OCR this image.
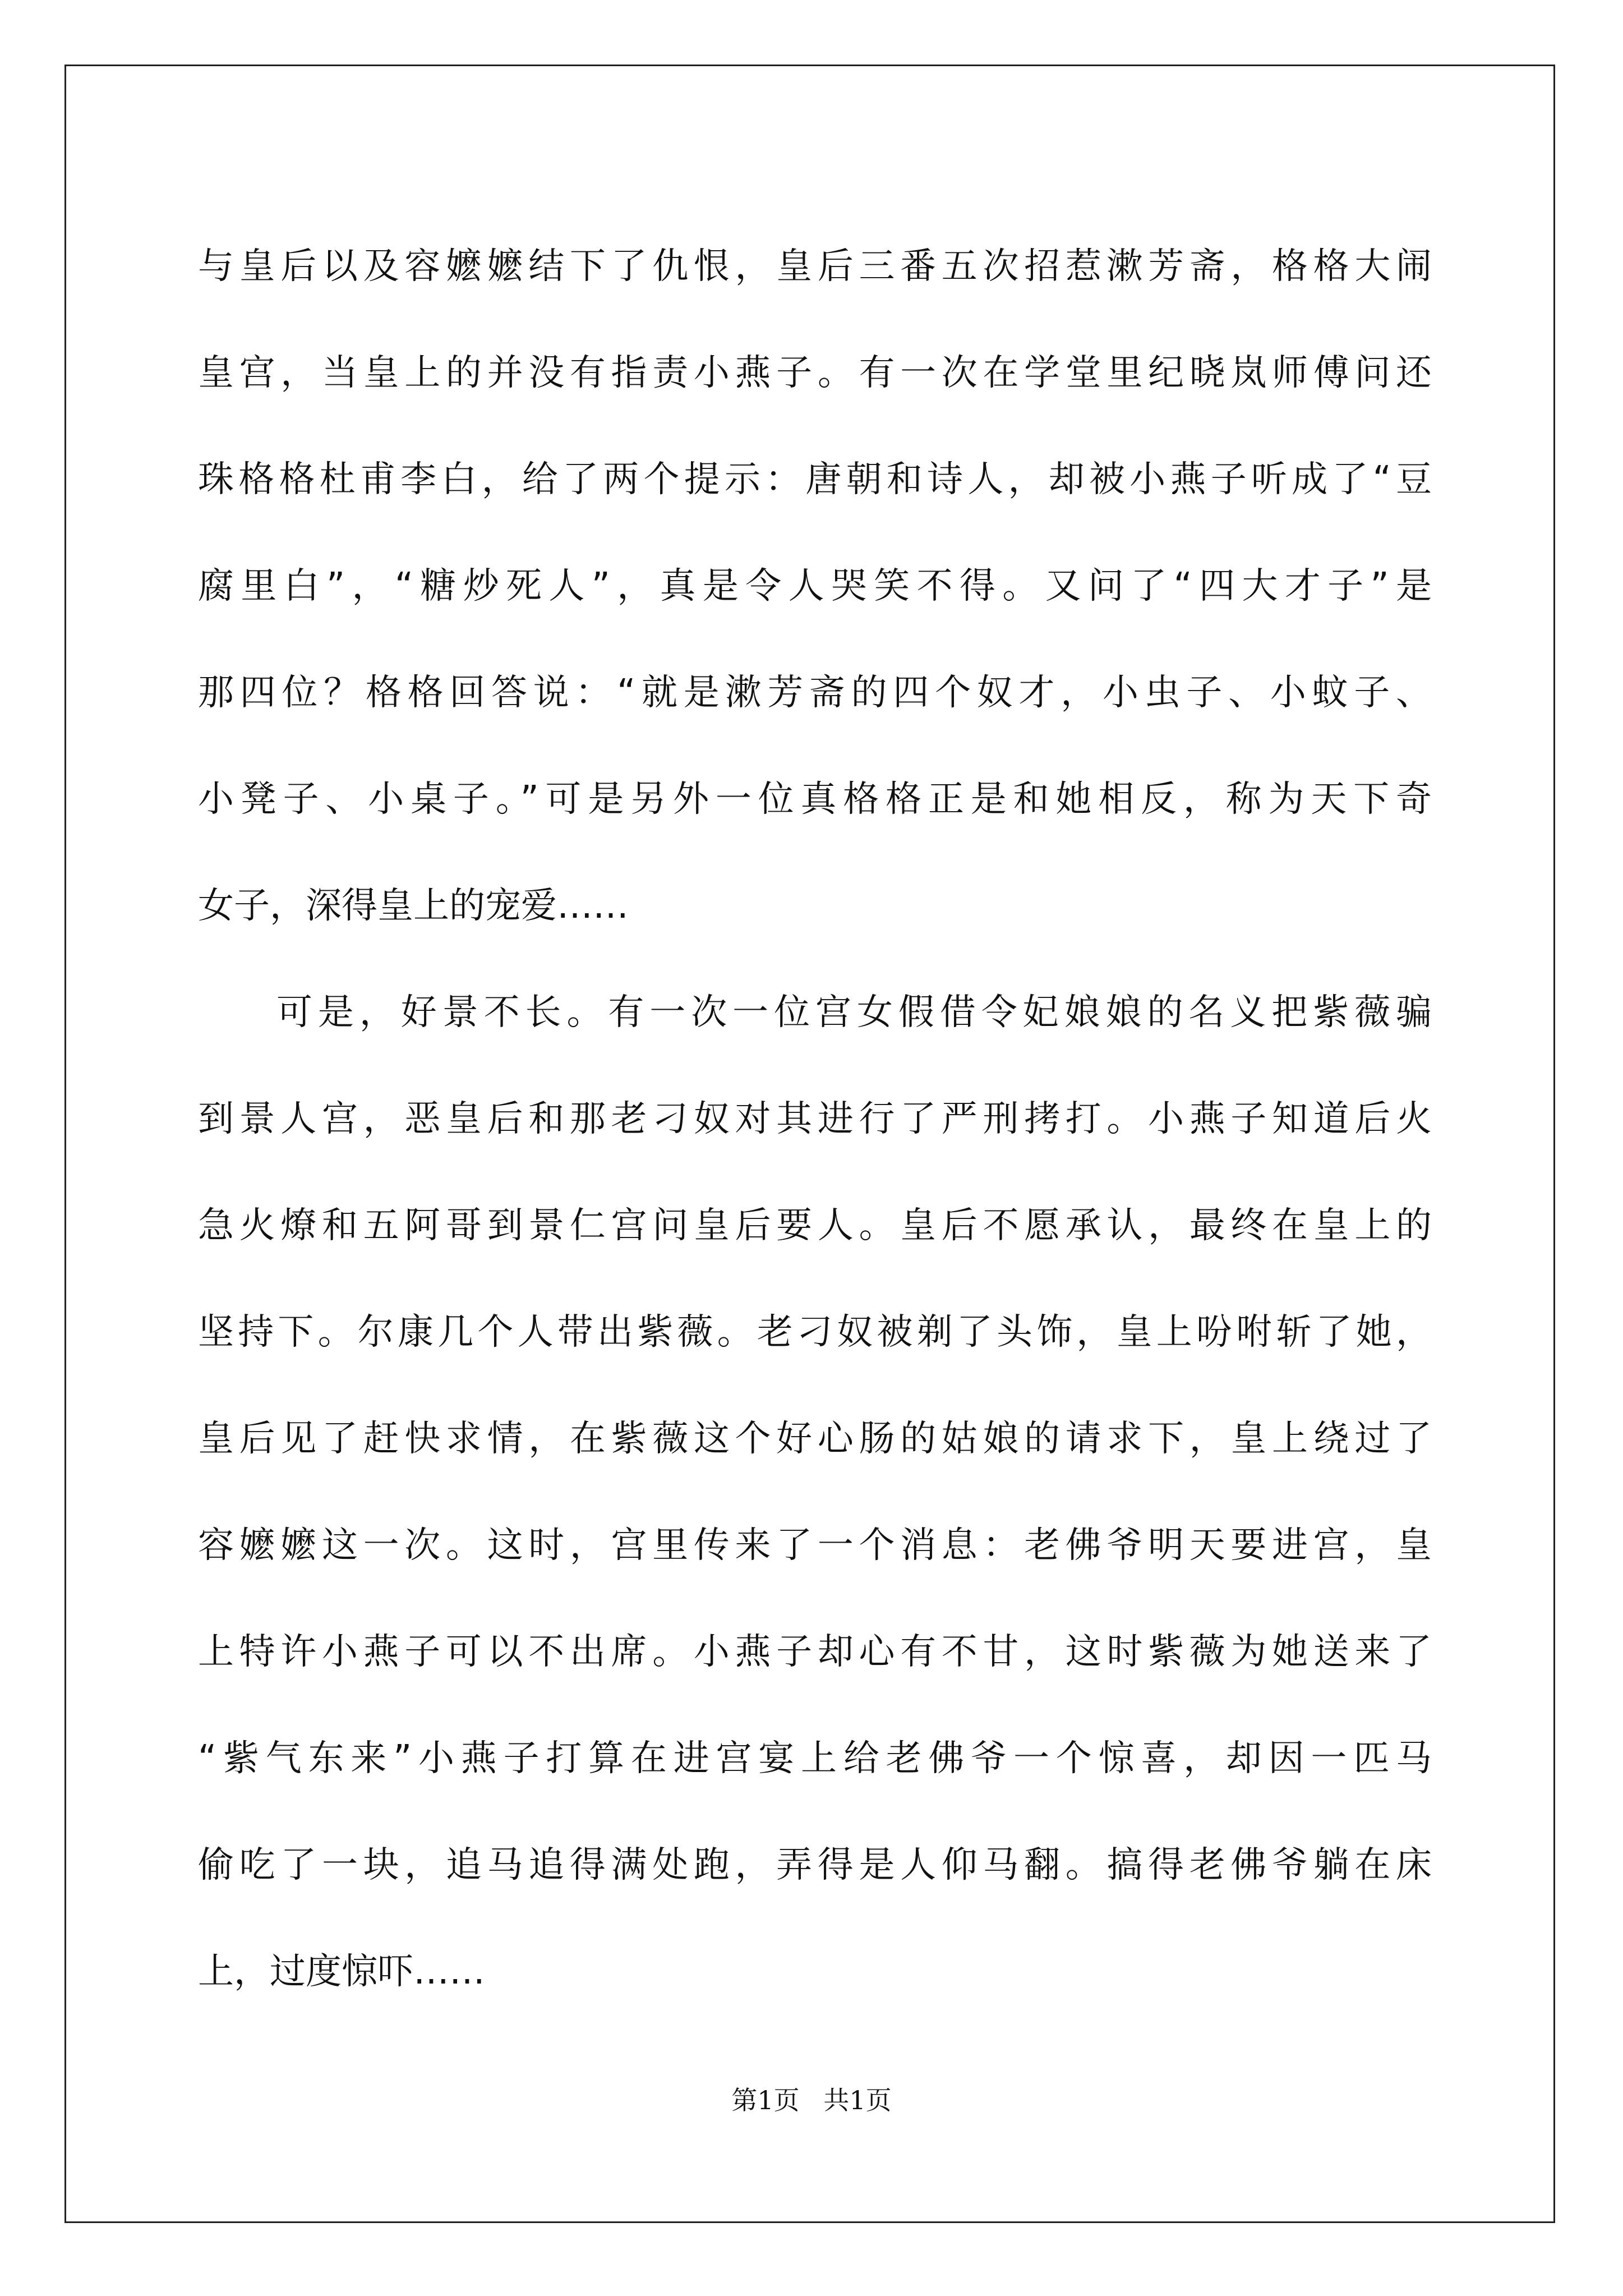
与皇后以及容嬷嬷结下了仇恨，皇后三番五次招惹漱芳斋，格格大闹
皇宫，当皇上的并没有指责小燕子。有一次在学堂里纪晓岚师傅问还
珠格格杜甫李白，给了两个提示：唐朝和诗人，却被小燕子听成了“豆
腐里白”，“糖炒死人”，真是令人哭笑不得。又问了“四大才子”是
那四位？格格回答说：“就是漱芳斋的四个奴才，小虫子、小蚊子、
小凳子、小桌子。”可是另外一位真格格正是和她相反，称为天下奇
女子，深得皇上的宠爱……
可是，好景不长。有一次一位宫女假借令妃娘娘的名义把紫薇骗
到景人宫，恶皇后和那老刁奴对其进行了严刑拷打。小燕子知道后火
急火燎和五阿哥到景仁宫问皇后要人。皇后不愿承认，最终在皇上的
坚持下。尔康几个人带出紫薇。老刁奴被剃了头饰，皇上吩咐斩了她，
皇后见了赶快求情，在紫薇这个好心肠的姑娘的请求下，皇上绕过了
容嬷嬷这一次。这时，宫里传来了一个消息：老佛爷明天要进宫，皇
上特许小燕子可以不出席。小燕子却心有不甘，这时紫薇为她送来了
“紫气东来”小燕子打算在进宫宴上给老佛爷一个惊喜，却因一匹马
偷吃了一块，追马追得满处跑，弄得是人仰马翻。搞得老佛爷躺在床
上，过度惊吓……
第1页 共1页
